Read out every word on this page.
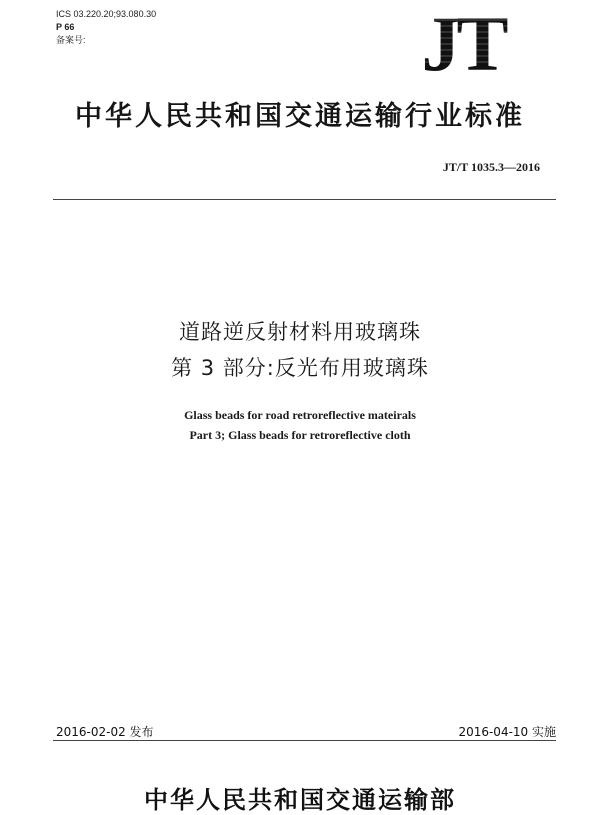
ICS 03.220.20;93.080.30
P 66
备案号:	JT
中华人民共和国交通运输行业标准
JT/T 1035.3—2016
道路逆反射材料用玻璃珠
第 3 部分:反光布用玻璃珠
Glass beads for road retroreflective mateirals
Part 3; Glass beads for retroreflective cloth
2016-02-02 发布	2016-04-10 实施
中华人民共和国交通运输部
